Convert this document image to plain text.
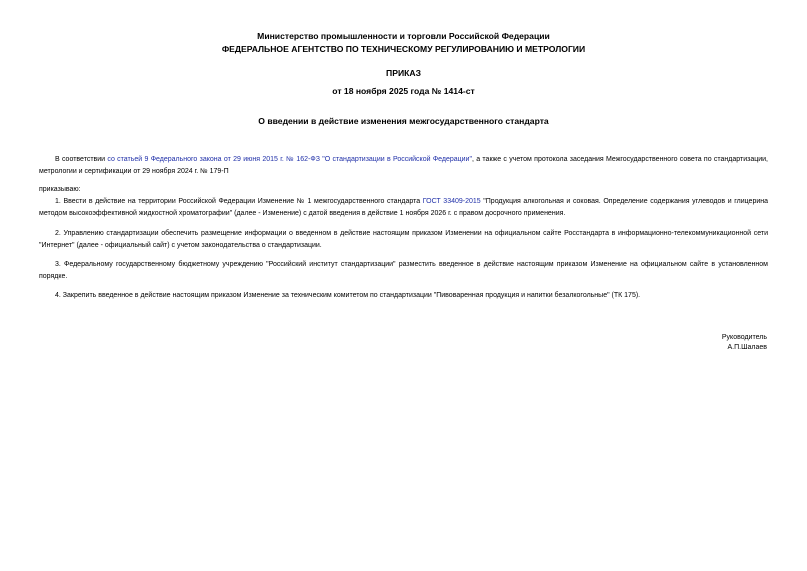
Министерство промышленности и торговли Российской Федерации
ФЕДЕРАЛЬНОЕ АГЕНТСТВО ПО ТЕХНИЧЕСКОМУ РЕГУЛИРОВАНИЮ И МЕТРОЛОГИИ
ПРИКАЗ
от 18 ноября 2025 года № 1414-ст
О введении в действие изменения межгосударственного стандарта
В соответствии со статьей 9 Федерального закона от 29 июня 2015 г. № 162-ФЗ "О стандартизации в Российской Федерации", а также с учетом протокола заседания Межгосударственного совета по стандартизации, метрологии и сертификации от 29 ноября 2024 г. № 179-П
приказываю:
1. Ввести в действие на территории Российской Федерации Изменение № 1 межгосударственного стандарта ГОСТ 33409-2015 "Продукция алкогольная и соковая. Определение содержания углеводов и глицерина методом высокоэффективной жидкостной хроматографии" (далее - Изменение) с датой введения в действие 1 ноября 2026 г. с правом досрочного применения.
2. Управлению стандартизации обеспечить размещение информации о введенном в действие настоящим приказом Изменении на официальном сайте Росстандарта в информационно-телекоммуникационной сети "Интернет" (далее - официальный сайт) с учетом законодательства о стандартизации.
3. Федеральному государственному бюджетному учреждению "Российский институт стандартизации" разместить введенное в действие настоящим приказом Изменение на официальном сайте в установленном порядке.
4. Закрепить введенное в действие настоящим приказом Изменение за техническим комитетом по стандартизации "Пивоваренная продукция и напитки безалкогольные" (ТК 175).
Руководитель
А.П.Шалаев
